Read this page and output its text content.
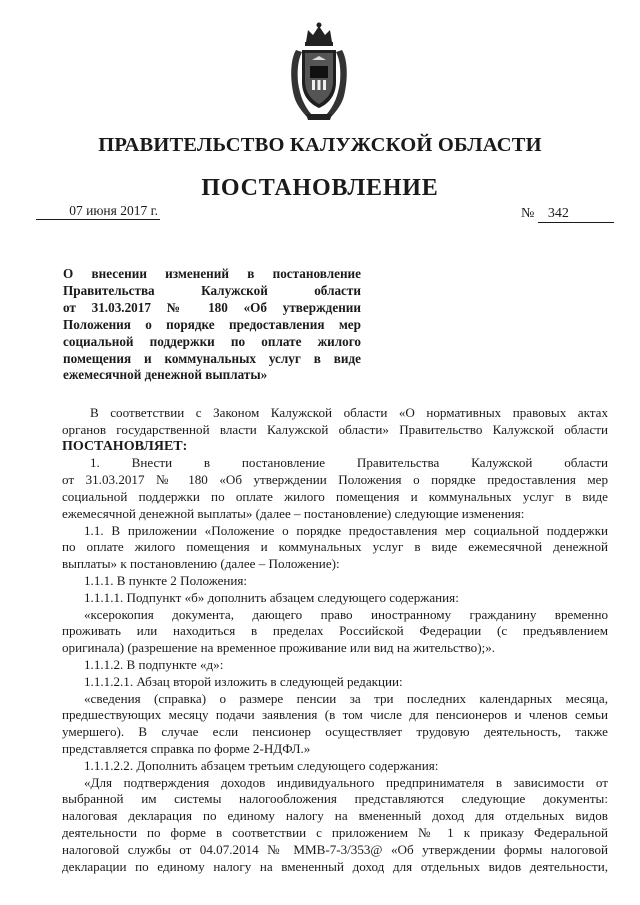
ПРАВИТЕЛЬСТВО КАЛУЖСКОЙ ОБЛАСТИ
ПОСТАНОВЛЕНИЕ
07 июня 2017 г.	№ 342
О внесении изменений в постановление
Правительства Калужской области
от 31.03.2017 № 180 «Об утверждении
Положения о порядке предоставления мер
социальной поддержки по оплате жилого
помещения и коммунальных услуг в виде
ежемесячной денежной выплаты»
В соответствии с Законом Калужской области «О нормативных правовых актах
органов государственной власти Калужской области» Правительство Калужской области
ПОСТАНОВЛЯЕТ:
1. Внести в постановление Правительства Калужской области
от 31.03.2017 № 180 «Об утверждении Положения о порядке предоставления мер
социальной поддержки по оплате жилого помещения и коммунальных услуг в виде
ежемесячной денежной выплаты» (далее – постановление) следующие изменения:
1.1. В приложении «Положение о порядке предоставления мер социальной поддержки
по оплате жилого помещения и коммунальных услуг в виде ежемесячной денежной
выплаты» к постановлению (далее – Положение):
1.1.1. В пункте 2 Положения:
1.1.1.1. Подпункт «б» дополнить абзацем следующего содержания:
«ксерокопия документа, дающего право иностранному гражданину временно
проживать или находиться в пределах Российской Федерации (с предъявлением
оригинала) (разрешение на временное проживание или вид на жительство);».
1.1.1.2. В подпункте «д»:
1.1.1.2.1. Абзац второй изложить в следующей редакции:
«сведения (справка) о размере пенсии за три последних календарных месяца,
предшествующих месяцу подачи заявления (в том числе для пенсионеров и членов семьи
умершего). В случае если пенсионер осуществляет трудовую деятельность, также
представляется справка по форме 2-НДФЛ.»
1.1.1.2.2. Дополнить абзацем третьим следующего содержания:
«Для подтверждения доходов индивидуального предпринимателя в зависимости от
выбранной им системы налогообложения представляются следующие документы:
налоговая декларация по единому налогу на вмененный доход для отдельных видов
деятельности по форме в соответствии с приложением № 1 к приказу Федеральной
налоговой службы от 04.07.2014 № ММВ-7-3/353@ «Об утверждении формы налоговой
декларации по единому налогу на вмененный доход для отдельных видов деятельности,
